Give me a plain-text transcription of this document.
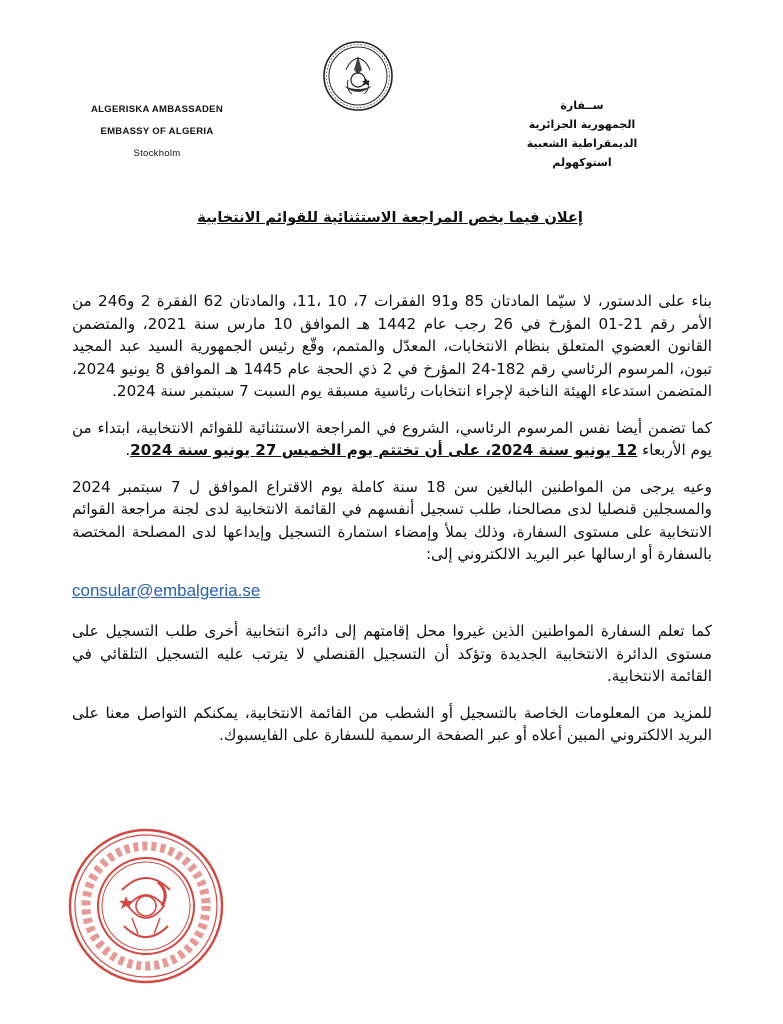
ALGERISKA AMBASSADEN
EMBASSY OF ALGERIA
Stockholm
ســفارة
الجمهورية الجزائرية
الديمقراطية الشعبية
استوكهولم
إعلان فيما يخص المراجعة الاستثنائية للقوائم الانتخابية

بناء على الدستور، لا سيّما المادتان 85 و91 الفقرات 7، 10 ،11، والمادتان 62 الفقرة 2 و246 من الأمر رقم 21-01 المؤرخ في 26 رجب عام 1442 هـ الموافق 10 مارس سنة 2021، والمتضمن القانون العضوي المتعلق بنظام الانتخابات، المعدّل والمتمم، وقّع رئيس الجمهورية السيد عبد المجيد تبون، المرسوم الرئاسي رقم 182-24 المؤرخ في 2 ذي الحجة عام 1445 هـ الموافق 8 يونيو 2024، المتضمن استدعاء الهيئة الناخبة لإجراء انتخابات رئاسية مسبقة يوم السبت 7 سبتمبر سنة 2024.

كما تضمن أيضا نفس المرسوم الرئاسي، الشروع في المراجعة الاستثنائية للقوائم الانتخابية، ابتداء من يوم الأربعاء 12 يونيو سنة 2024، على أن تختتم يوم الخميس 27 يونيو سنة 2024.

وعيه يرجى من المواطنين البالغين سن 18 سنة كاملة يوم الاقتراع الموافق ل 7 سبتمبر 2024 والمسجلين قنصليا لدى مصالحنا، طلب تسجيل أنفسهم في القائمة الانتخابية لدى لجنة مراجعة القوائم الانتخابية على مستوى السفارة، وذلك بملأ وإمضاء استمارة التسجيل وإيداعها لدى المصلحة المختصة بالسفارة أو ارسالها عبر البريد الالكتروني إلى:

consular@embalgeria.se

كما تعلم السفارة المواطنين الذين غيروا محل إقامتهم إلى دائرة انتخابية أخرى طلب التسجيل على مستوى الدائرة الانتخابية الجديدة وتؤكد أن التسجيل القنصلي لا يترتب عليه التسجيل التلقائي في القائمة الانتخابية.

للمزيد من المعلومات الخاصة بالتسجيل أو الشطب من القائمة الانتخابية، يمكنكم التواصل معنا على البريد الالكتروني المبين أعلاه أو عبر الصفحة الرسمية للسفارة على الفايسبوك.
